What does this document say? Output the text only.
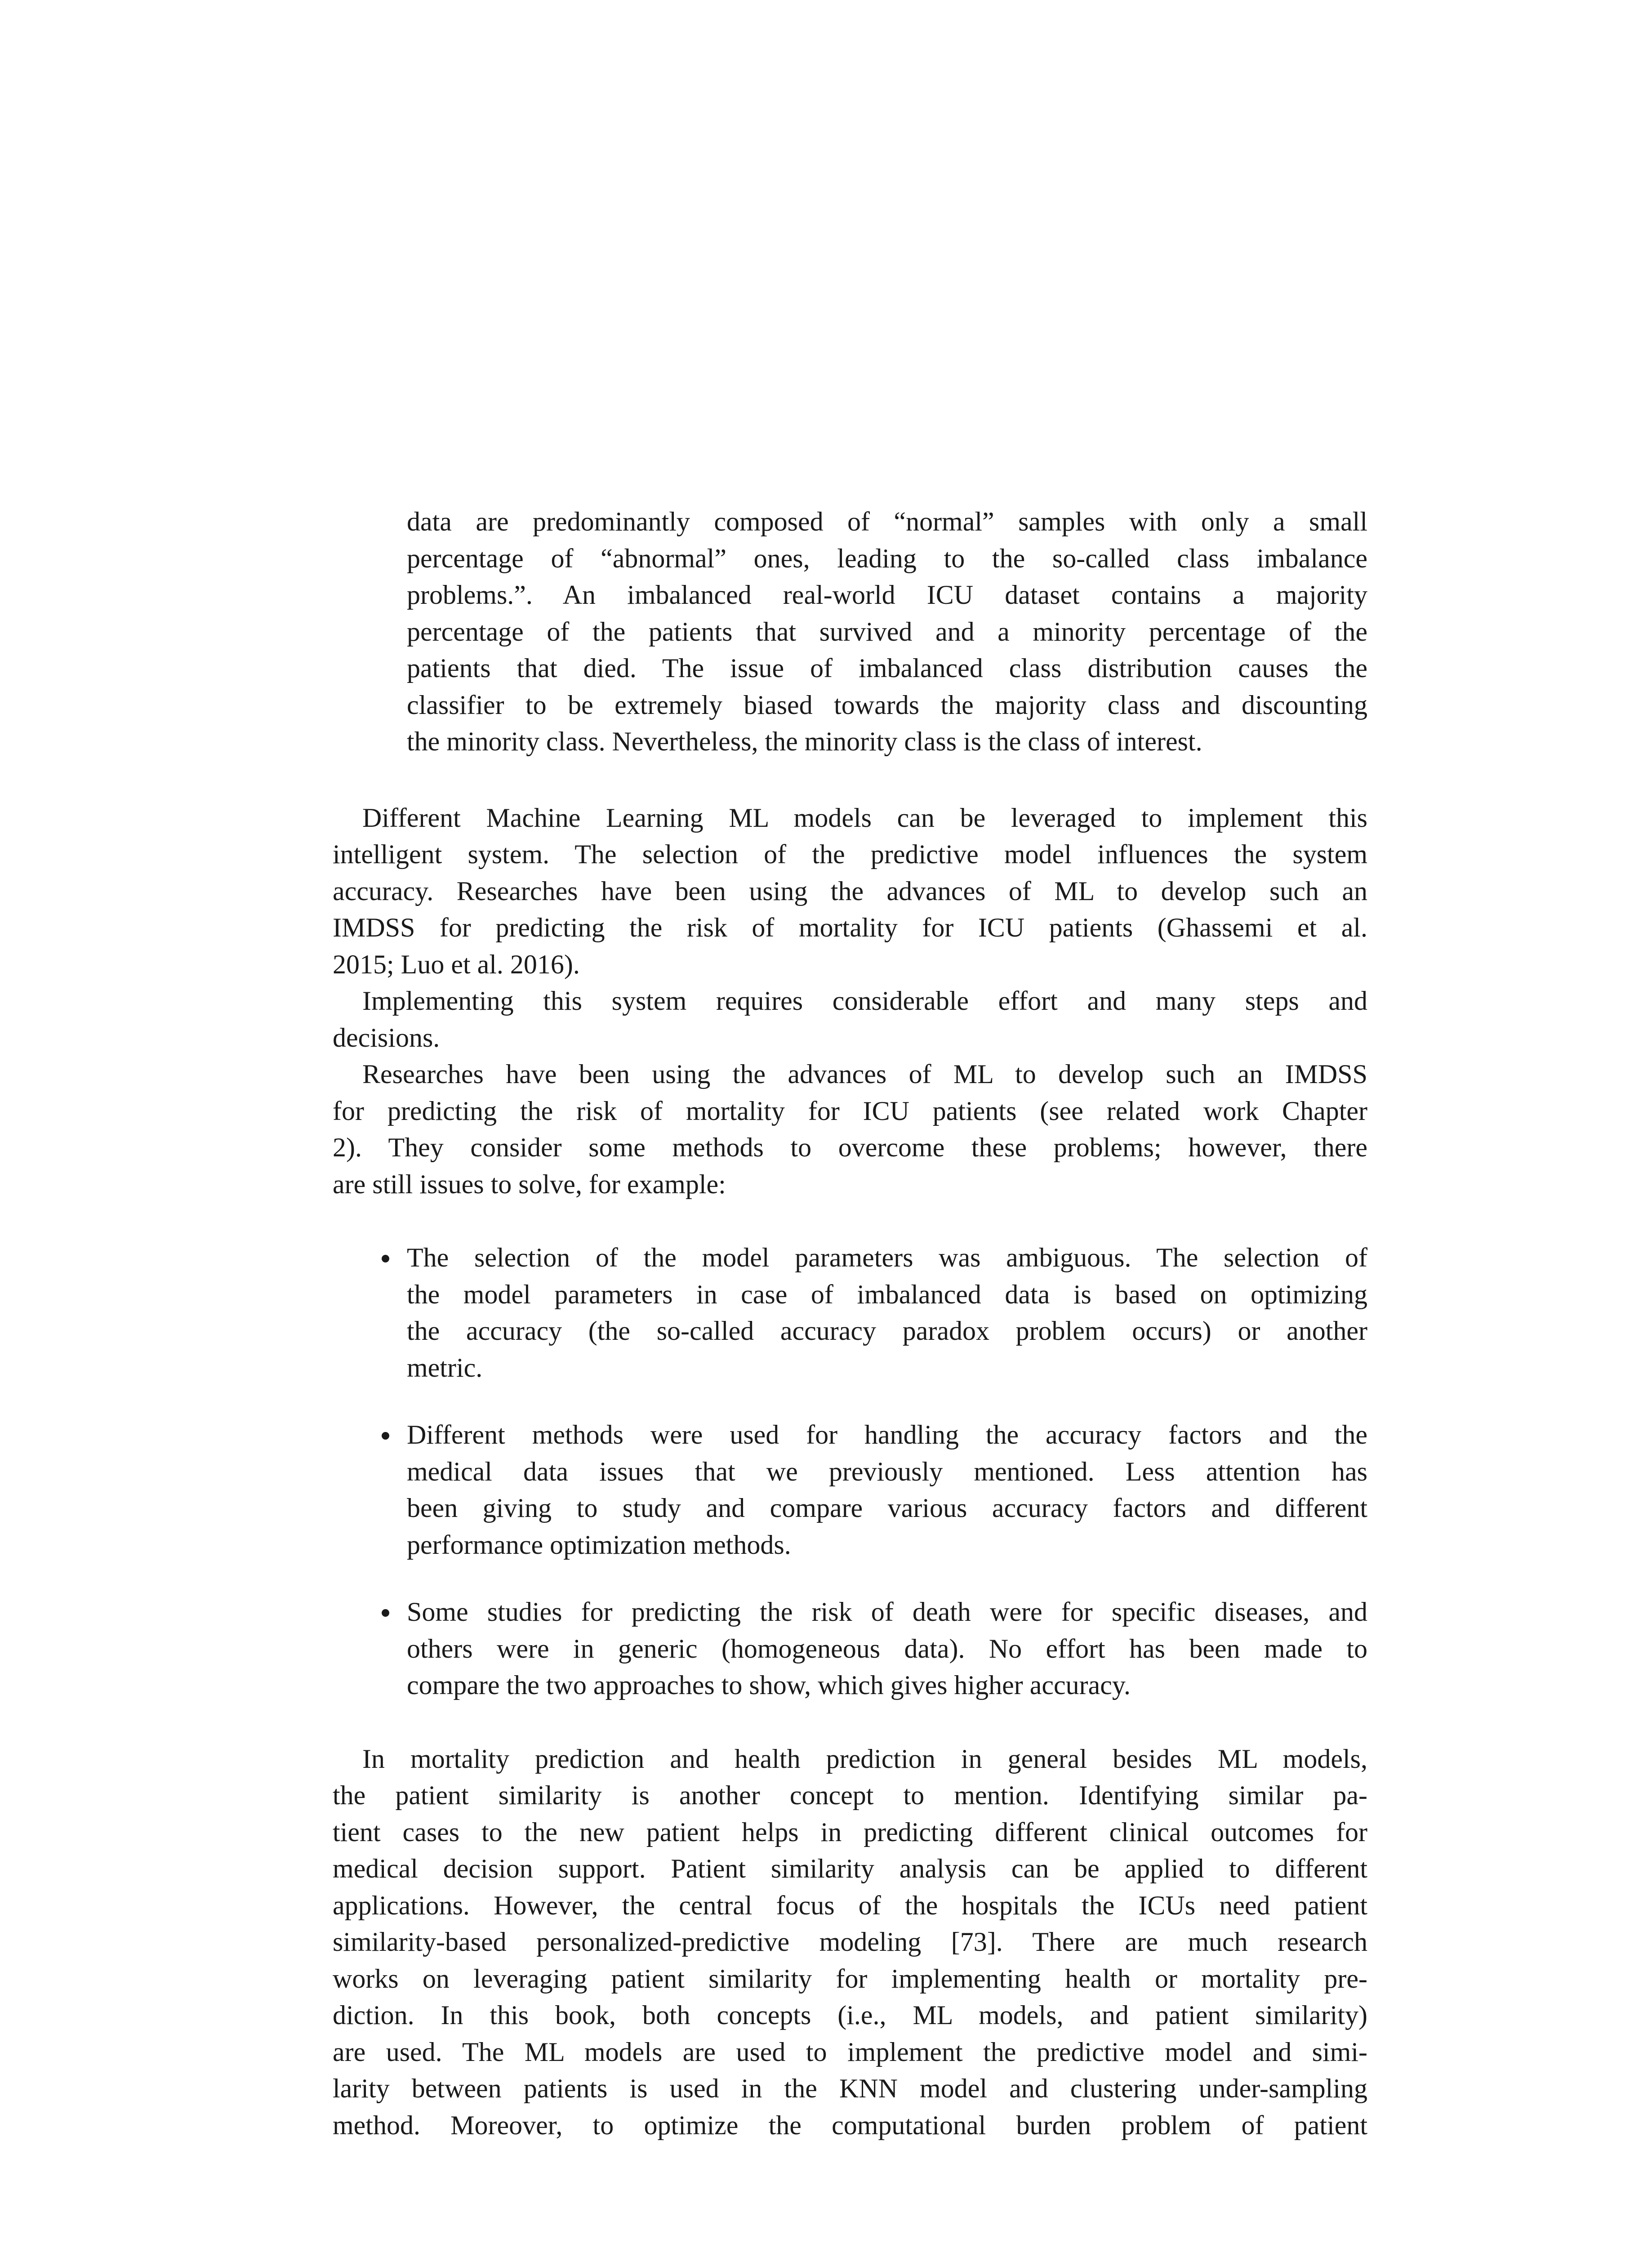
data are predominantly composed of “normal” samples with only a small
percentage of “abnormal” ones, leading to the so-called class imbalance
problems.”. An imbalanced real-world ICU dataset contains a majority
percentage of the patients that survived and a minority percentage of the
patients that died. The issue of imbalanced class distribution causes the
classifier to be extremely biased towards the majority class and discounting
the minority class. Nevertheless, the minority class is the class of interest.
Different Machine Learning ML models can be leveraged to implement this
intelligent system. The selection of the predictive model influences the system
accuracy. Researches have been using the advances of ML to develop such an
IMDSS for predicting the risk of mortality for ICU patients (Ghassemi et al.
2015; Luo et al. 2016).
Implementing this system requires considerable effort and many steps and
decisions.
Researches have been using the advances of ML to develop such an IMDSS
for predicting the risk of mortality for ICU patients (see related work Chapter
2). They consider some methods to overcome these problems; however, there
are still issues to solve, for example:
The selection of the model parameters was ambiguous. The selection of
the model parameters in case of imbalanced data is based on optimizing
the accuracy (the so-called accuracy paradox problem occurs) or another
metric.
Different methods were used for handling the accuracy factors and the
medical data issues that we previously mentioned. Less attention has
been giving to study and compare various accuracy factors and different
performance optimization methods.
Some studies for predicting the risk of death were for specific diseases, and
others were in generic (homogeneous data). No effort has been made to
compare the two approaches to show, which gives higher accuracy.
In mortality prediction and health prediction in general besides ML models,
the patient similarity is another concept to mention. Identifying similar pa-
tient cases to the new patient helps in predicting different clinical outcomes for
medical decision support. Patient similarity analysis can be applied to different
applications. However, the central focus of the hospitals the ICUs need patient
similarity-based personalized-predictive modeling [73]. There are much research
works on leveraging patient similarity for implementing health or mortality pre-
diction. In this book, both concepts (i.e., ML models, and patient similarity)
are used. The ML models are used to implement the predictive model and simi-
larity between patients is used in the KNN model and clustering under-sampling
method. Moreover, to optimize the computational burden problem of patient
